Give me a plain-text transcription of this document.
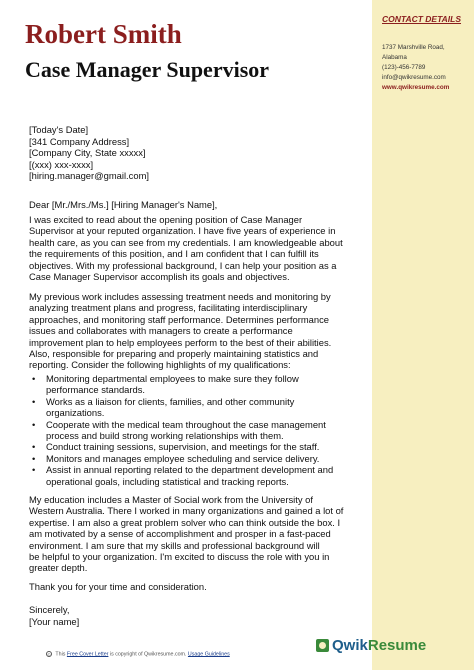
Robert Smith
Case Manager Supervisor
CONTACT DETAILS
1737 Marshville Road,
Alabama
(123)-456-7789
info@qwikresume.com
www.qwikresume.com
[Today's Date]
[341 Company Address]
[Company City, State xxxxx]
[(xxx) xxx-xxxx]
[hiring.manager@gmail.com]
Dear [Mr./Mrs./Ms.] [Hiring Manager's Name],
I was excited to read about the opening position of Case Manager
Supervisor at your reputed organization. I have five years of experience in
health care, as you can see from my credentials. I am knowledgeable about
the requirements of this position, and I am confident that I can fulfill its
objectives. With my professional background, I can help your position as a
Case Manager Supervisor accomplish its goals and objectives.
My previous work includes assessing treatment needs and monitoring by
analyzing treatment plans and progress, facilitating interdisciplinary
approaches, and monitoring staff performance. Determines performance
issues and collaborates with managers to create a performance
improvement plan to help employees perform to the best of their abilities.
Also, responsible for preparing and properly maintaining statistics and
reporting. Consider the following highlights of my qualifications:
• Monitoring departmental employees to make sure they follow
performance standards.
• Works as a liaison for clients, families, and other community
organizations.
• Cooperate with the medical team throughout the case management
process and build strong working relationships with them.
• Conduct training sessions, supervision, and meetings for the staff.
• Monitors and manages employee scheduling and service delivery.
• Assist in annual reporting related to the department development and
operational goals, including statistical and tracking reports.
My education includes a Master of Social work from the University of
Western Australia. There I worked in many organizations and gained a lot of
expertise. I am also a great problem solver who can think outside the box. I
am motivated by a sense of accomplishment and prosper in a fast-paced
environment. I am sure that my skills and professional background will
be helpful to your organization. I'm excited to discuss the role with you in
greater depth.
Thank you for your time and consideration.
Sincerely,
[Your name]
© This Free Cover Letter is copyright of Qwikresume.com. Usage Guidelines
QwikResume
